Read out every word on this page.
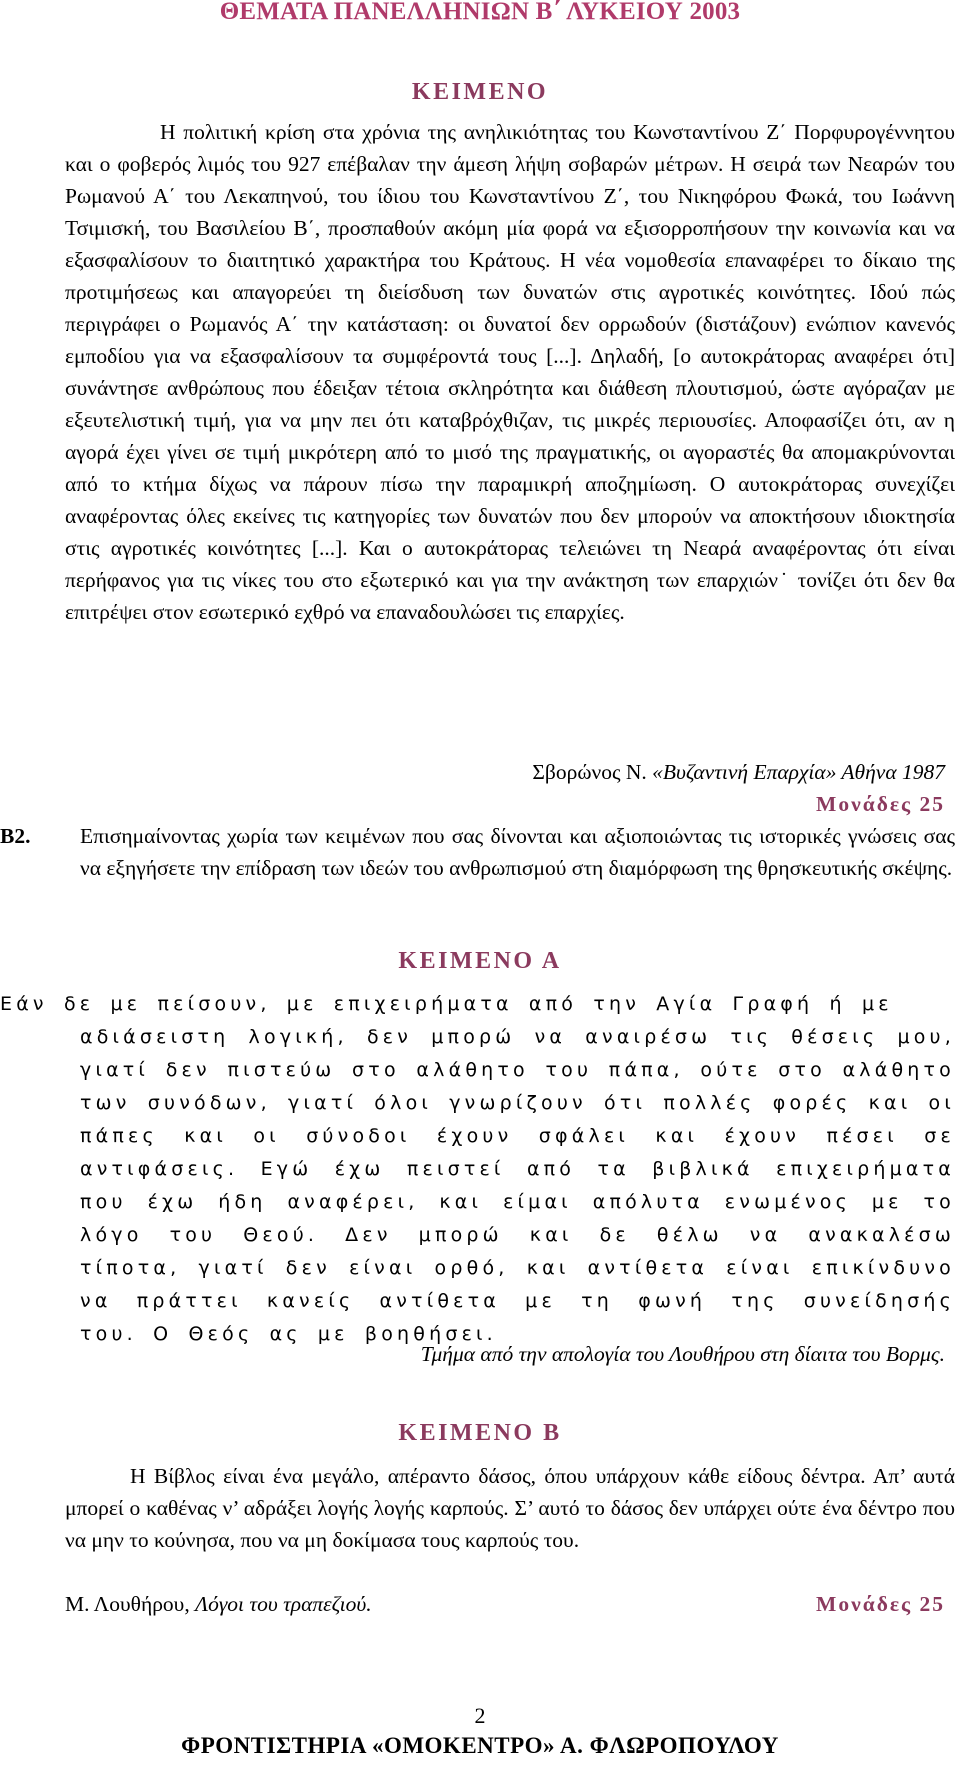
ΘΕΜΑΤΑ ΠΑΝΕΛΛΗΝΙΩΝ Β΄ ΛΥΚΕΙΟΥ 2003
ΚΕΙΜΕΝΟ

Η πολιτική κρίση στα χρόνια της ανηλικιότητας του Κωνσταντίνου Ζ΄ Πορφυρογέννητου και ο φοβερός λιμός του 927 επέβαλαν την άμεση λήψη σοβαρών μέτρων. Η σειρά των Νεαρών του Ρωμανού Α΄ του Λεκαπηνού, του ίδιου του Κωνσταντίνου Ζ΄, του Νικηφόρου Φωκά, του Ιωάννη Τσιμισκή, του Βασιλείου Β΄, προσπαθούν ακόμη μία φορά να εξισορροπήσουν την κοινωνία και να εξασφαλίσουν το διαιτητικό χαρακτήρα του Κράτους. Η νέα νομοθεσία επαναφέρει το δίκαιο της προτιμήσεως και απαγορεύει τη διείσδυση των δυνατών στις αγροτικές κοινότητες. Ιδού πώς περιγράφει ο Ρωμανός Α΄ την κατάσταση: οι δυνατοί δεν ορρωδούν (διστάζουν) ενώπιον κανενός εμποδίου για να εξασφαλίσουν τα συμφέροντά τους [...]. Δηλαδή, [ο αυτοκράτορας αναφέρει ότι] συνάντησε ανθρώπους που έδειξαν τέτοια σκληρότητα και διάθεση πλουτισμού, ώστε αγόραζαν με εξευτελιστική τιμή, για να μην πει ότι καταβρόχθιζαν, τις μικρές περιουσίες. Αποφασίζει ότι, αν η αγορά έχει γίνει σε τιμή μικρότερη από το μισό της πραγματικής, οι αγοραστές θα απομακρύνονται από το κτήμα δίχως να πάρουν πίσω την παραμικρή αποζημίωση. Ο αυτοκράτορας συνεχίζει αναφέροντας όλες εκείνες τις κατηγορίες των δυνατών που δεν μπορούν να αποκτήσουν ιδιοκτησία στις αγροτικές κοινότητες [...]. Και ο αυτοκράτορας τελειώνει τη Νεαρά αναφέροντας ότι είναι περήφανος για τις νίκες του στο εξωτερικό και για την ανάκτηση των επαρχιών˙ τονίζει ότι δεν θα επιτρέψει στον εσωτερικό εχθρό να επαναδουλώσει τις επαρχίες.

Σβορώνος Ν. «Βυζαντινή Επαρχία» Αθήνα 1987
Μονάδες 25
Β2. Επισημαίνοντας χωρία των κειμένων που σας δίνονται και αξιοποιώντας τις ιστορικές γνώσεις σας να εξηγήσετε την επίδραση των ιδεών του ανθρωπισμού στη διαμόρφωση της θρησκευτικής σκέψης.
ΚΕΙΜΕΝΟ Α
Εάν δε με πείσουν, με επιχειρήματα από την Αγία Γραφή ή με
αδιάσειστη λογική, δεν μπορώ να αναιρέσω τις θέσεις μου, γιατί δεν πιστεύω στο αλάθητο του πάπα, ούτε στο αλάθητο των συνόδων, γιατί όλοι γνωρίζουν ότι πολλές φορές και οι πάπες και οι σύνοδοι έχουν σφάλει και έχουν πέσει σε αντιφάσεις. Εγώ έχω πειστεί από τα βιβλικά επιχειρήματα που έχω ήδη αναφέρει, και είμαι απόλυτα ενωμένος με το λόγο του Θεού. Δεν μπορώ και δε θέλω να ανακαλέσω τίποτα, γιατί δεν είναι ορθό, και αντίθετα είναι επικίνδυνο να πράττει κανείς αντίθετα με τη φωνή της συνείδησής του. Ο Θεός ας με βοηθήσει.
Τμήμα από την απολογία του Λουθήρου στη δίαιτα του Βορμς.
ΚΕΙΜΕΝΟ Β

Η Βίβλος είναι ένα μεγάλο, απέραντο δάσος, όπου υπάρχουν κάθε είδους δέντρα. Απ’ αυτά μπορεί ο καθένας ν’ αδράξει λογής λογής καρπούς. Σ’ αυτό το δάσος δεν υπάρχει ούτε ένα δέντρο που να μην το κούνησα, που να μη δοκίμασα τους καρπούς του.

Μ. Λουθήρου, Λόγοι του τραπεζιού.	Μονάδες 25
2
ΦΡΟΝΤΙΣΤΗΡΙΑ «ΟΜΟΚΕΝΤΡΟ» Α. ΦΛΩΡΟΠΟΥΛΟΥ
